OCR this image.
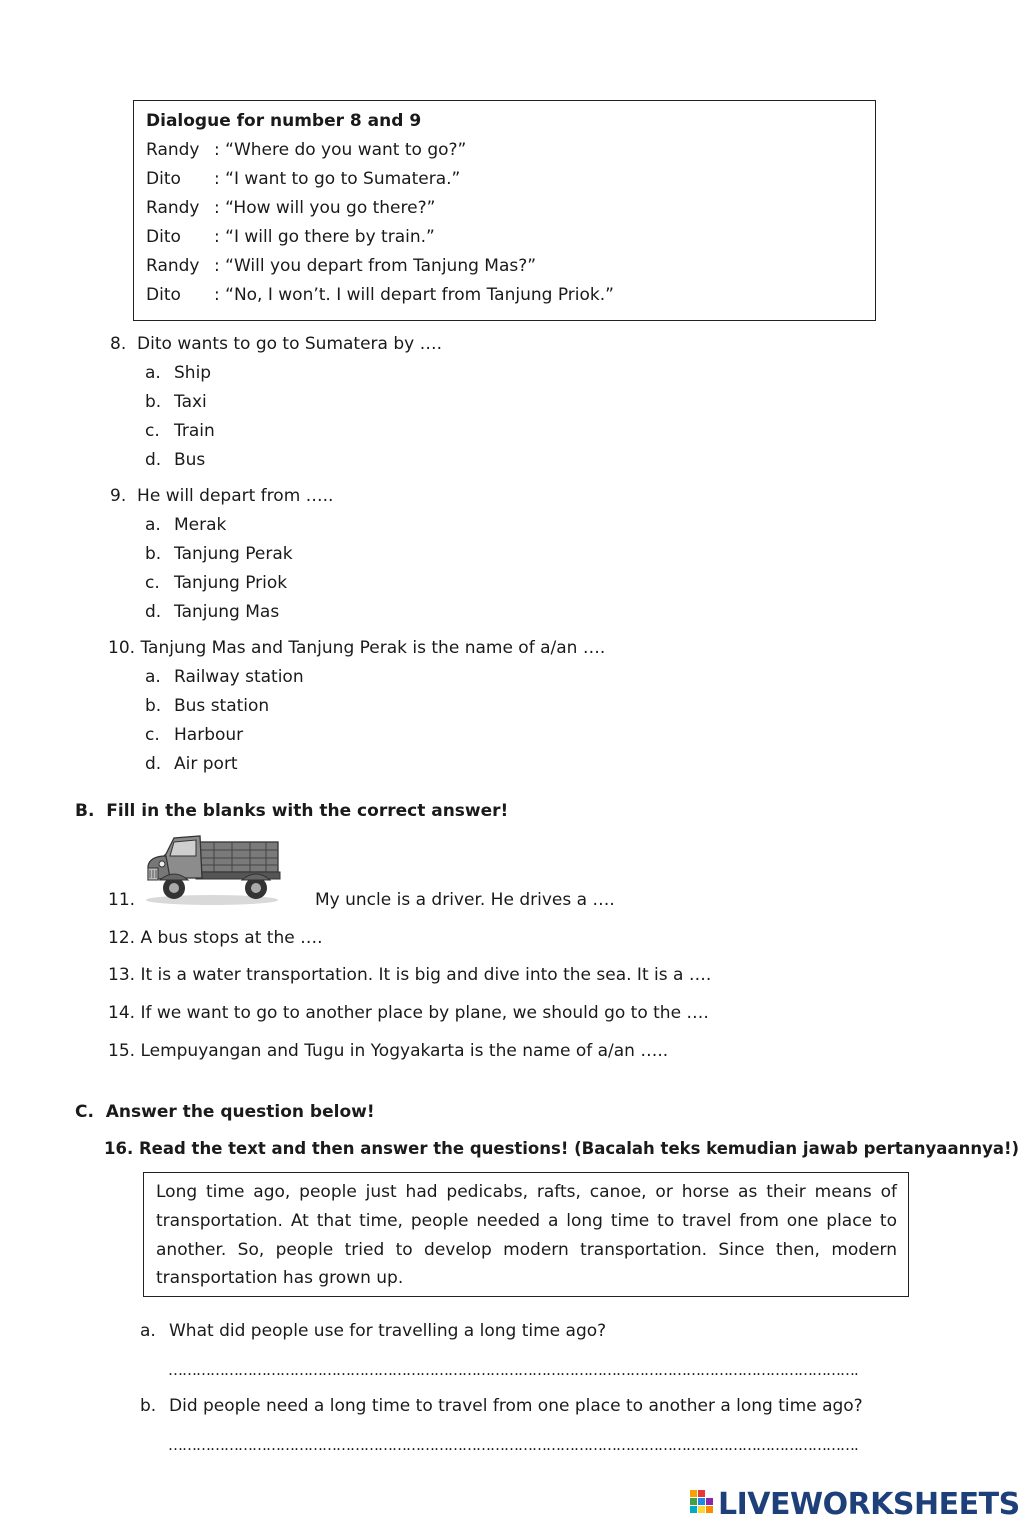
Dialogue for number 8 and 9
Randy : “Where do you want to go?”
Dito : “I want to go to Sumatera.”
Randy : “How will you go there?”
Dito : “I will go there by train.”
Randy : “Will you depart from Tanjung Mas?”
Dito : “No, I won’t. I will depart from Tanjung Priok.”
8. Dito wants to go to Sumatera by ….
a. Ship
b. Taxi
c. Train
d. Bus
9. He will depart from …..
a. Merak
b. Tanjung Perak
c. Tanjung Priok
d. Tanjung Mas
10. Tanjung Mas and Tanjung Perak is the name of a/an ….
a. Railway station
b. Bus station
c. Harbour
d. Air port
B.  Fill in the blanks with the correct answer!
11.	My uncle is a driver. He drives a ….
12. A bus stops at the ….
13. It is a water transportation. It is big and dive into the sea. It is a ….
14. If we want to go to another place by plane, we should go to the ….
15. Lempuyangan and Tugu in Yogyakarta is the name of a/an …..
C.  Answer the question below!
16. Read the text and then answer the questions! (Bacalah teks kemudian jawab pertanyaannya!)
Long time ago, people just had pedicabs, rafts, canoe, or horse as their means of
transportation. At that time, people needed a long time to travel from one place to
another. So, people tried to develop modern transportation. Since then, modern
transportation has grown up.
a. What did people use for travelling a long time ago?
………………………………………………………………………………………………………………………………….
b. Did people need a long time to travel from one place to another a long time ago?
………………………………………………………………………………………………………………………………….
LIVEWORKSHEETS
